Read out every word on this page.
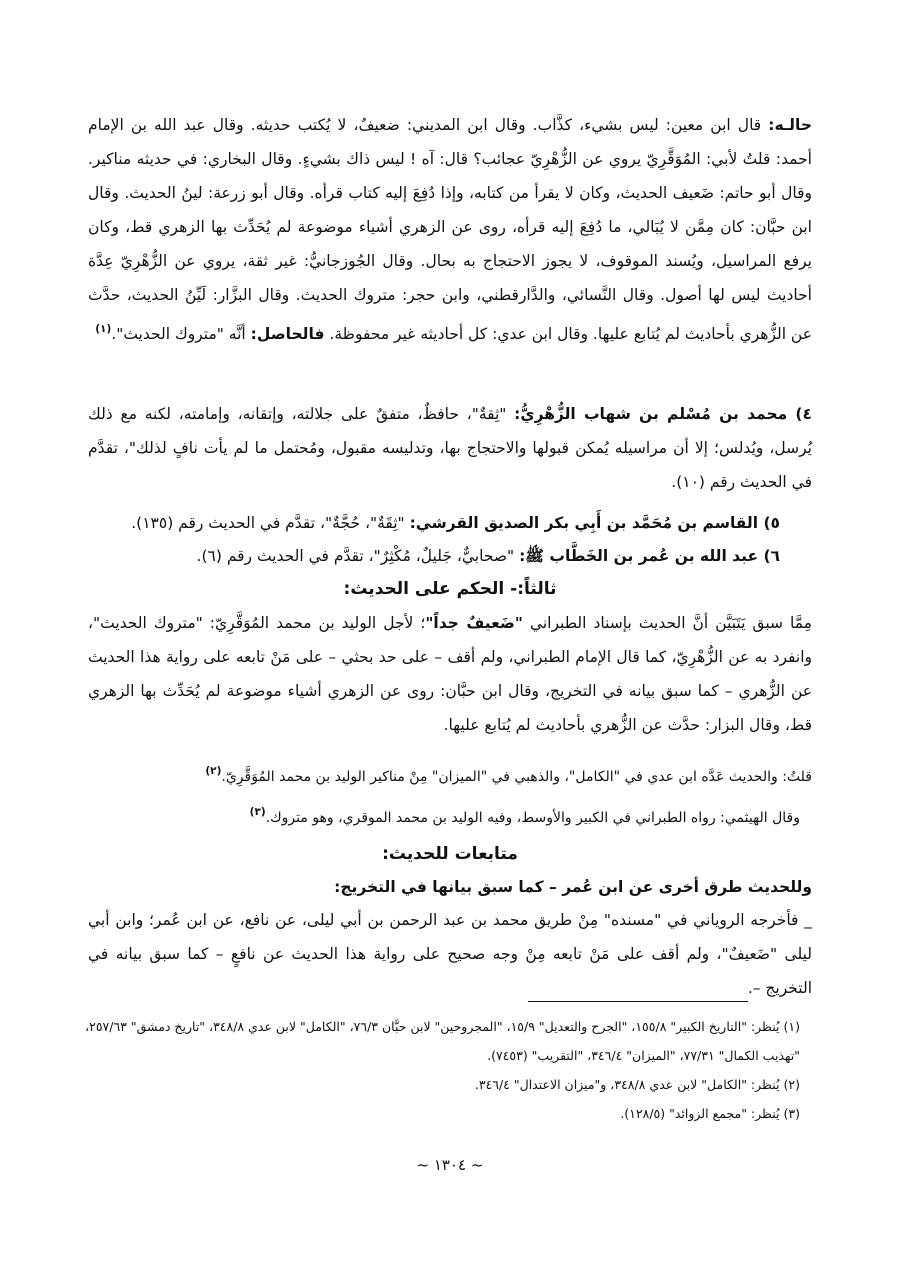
حالـه: قال ابن معين: ليس بشيء، كذَّاب. وقال ابن المديني: ضعيفٌ، لا يُكتب حديثه. وقال عبد الله بن الإمام أحمد: قلتُ لأبي: المُوَقَّرِيّ يروي عن الزُّهْرِيّ عجائب؟ قال: آه ! ليس ذاك بشيءٍ. وقال البخاري: في حديثه مناكير. وقال أبو حاتم: ضَعيف الحديث، وكان لا يقرأ من كتابه، وإذا دُفِعَ إليه كتاب قرأه. وقال أبو زرعة: لينُ الحديث. وقال ابن حبَّان: كان مِمَّن لا يُبَالي، ما دُفِعَ إليه قرأه، روى عن الزهري أشياء موضوعة لم يُحَدِّث بها الزهري قط، وكان يرفع المراسيل، ويُسند الموقوف، لا يجوز الاحتجاج به بحال. وقال الجُوزجانيُّ: غير ثقة، يروي عن الزُّهْرِيّ عِدَّة أحاديث ليس لها أصول. وقال النَّسائي، والدَّارقطني، وابن حجر: متروك الحديث. وقال البزَّار: لَيِّنُ الحديث، حدَّث عن الزُّهري بأحاديث لم يُتابع عليها. وقال ابن عدي: كل أحاديثه غير محفوظة. فالحاصل: أنَّه "متروك الحديث".$^{(١)}$

٤) محمد بن مُسْلم بن شهاب الزُّهْرِيُّ: "ثِقةٌ"، حافظٌ، متفقٌ على جلالته، وإتقانه، وإمامته، لكنه مع ذلك يُرسل، ويُدلس؛ إلا أن مراسيله يُمكن قبولها والاحتجاج بها، وتدليسه مقبول، ومُحتمل ما لم يأت نافٍ لذلك"، تقدَّم في الحديث رقم (١٠).

٥) القاسم بن مُحَمَّد بن أَبِي بكر الصديق القرشي: "ثِقَةٌ"، حُجَّةٌ"، تقدَّم في الحديث رقم (١٣٥).

٦) عبد الله بن عُمر بن الخَطَّاب ﷺ: "صحابيٌّ، جَليلٌ، مُكْثِرٌ"، تقدَّم في الحديث رقم (٦).

ثالثاً:- الحكم على الحديث:

مِمَّا سبق يَتَبَيَّن أنَّ الحديث بإسناد الطبراني "ضَعيفٌ جداً"؛ لأجل الوليد بن محمد المُوَقَّرِيّ: "متروك الحديث"، وانفرد به عن الزُّهْرِيّ، كما قال الإمام الطبراني، ولم أقف – على حد بحثي – على مَنْ تابعه على رواية هذا الحديث عن الزُّهري – كما سبق بيانه في التخريج، وقال ابن حبَّان: روى عن الزهري أشياء موضوعة لم يُحَدِّث بها الزهري قط، وقال البزار: حدَّث عن الزُّهري بأحاديث لم يُتابع عليها.

قلتُ: والحديث عَدَّه ابن عدي في "الكامل"، والذهبي في "الميزان" مِنْ مناكير الوليد بن محمد المُوَقَّرِيّ.$^{(٢)}$

وقال الهيثمي: رواه الطبراني في الكبير والأوسط، وفيه الوليد بن محمد الموقري، وهو متروك.$^{(٣)}$

متابعات للحديث:

وللحديث طرق أخرى عن ابن عُمر – كما سبق بيانها في التخريج:

_ فأخرجه الروياني في "مسنده" مِنْ طريق محمد بن عبد الرحمن بن أبي ليلى، عن نافع، عن ابن عُمر؛ وابن أبي ليلى "ضَعيفٌ"، ولم أقف على مَنْ تابعه مِنْ وجه صحيح على رواية هذا الحديث عن نافعٍ – كما سبق بيانه في التخريج –.

(١) يُنظر: "التاريخ الكبير" ١٥٥/٨، "الجرح والتعديل" ١٥/٩، "المجروحين" لابن حبَّان ٧٦/٣، "الكامل" لابن عدي ٣٤٨/٨، "تاريخ دمشق" ٢٥٧/٦٣، "تهذيب الكمال" ٧٧/٣١، "الميزان" ٣٤٦/٤، "التقريب" (٧٤٥٣).

(٢) يُنظر: "الكامل" لابن عدي ٣٤٨/٨، و"ميزان الاعتدال" ٣٤٦/٤.

(٣) يُنظر: "مجمع الزوائد" (١٢٨/٥).

~ ١٣٠٤ ~
